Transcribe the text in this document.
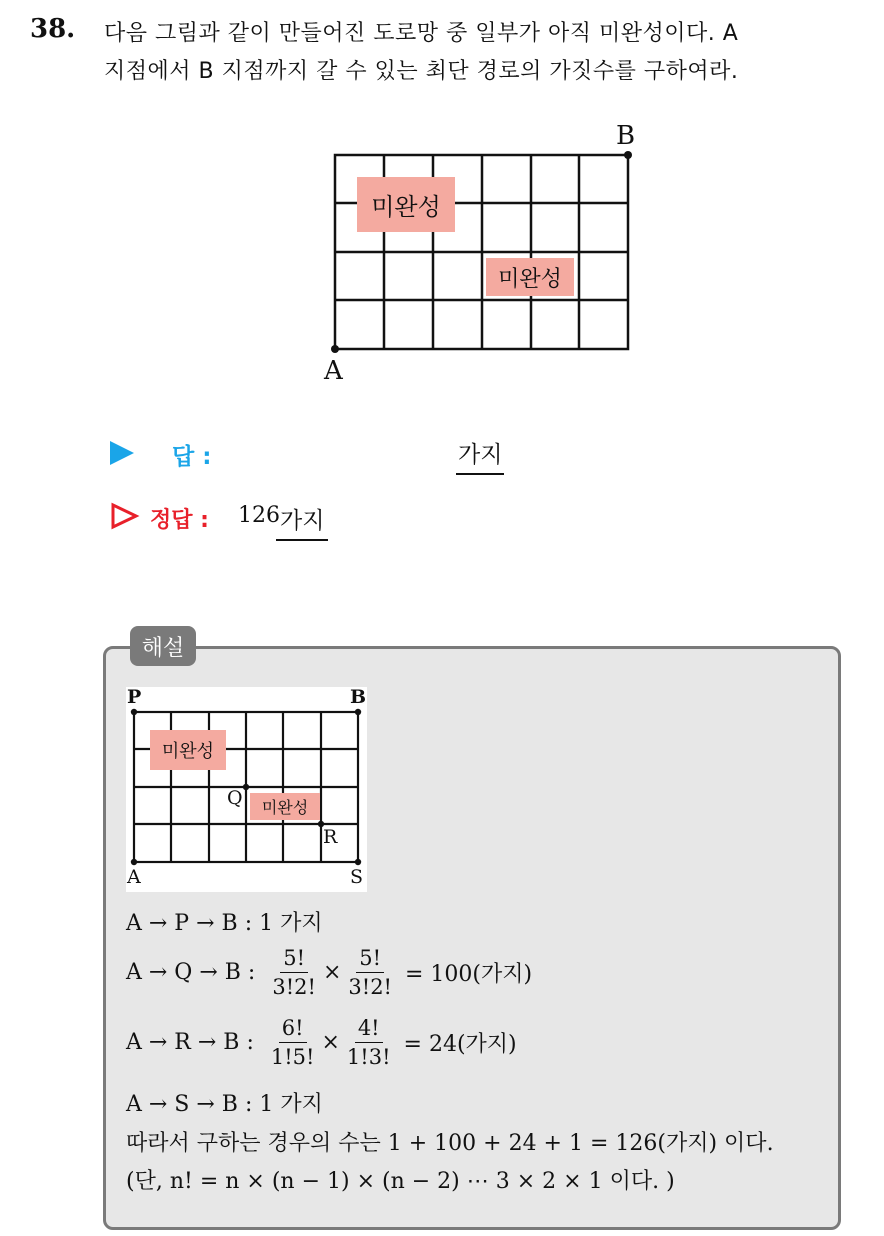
38. 다음 그림과 같이 만들어진 도로망 중 일부가 아직 미완성이다. A
지점에서 B 지점까지 갈 수 있는 최단 경로의 가짓수를 구하여라.
미완성
미완성
A
B
답 :	가지
정답 : 126 가지
해설
미완성
미완성
P	B
Q
R
A	S
A → P → B : 1 가지
A → Q → B : $\frac{5!}{3!2!} \times \frac{5!}{3!2!} = 100$(가지)
A → R → B : $\frac{6!}{1!5!} \times \frac{4!}{1!3!} = 24$(가지)
A → S → B : 1 가지
따라서 구하는 경우의 수는 1 + 100 + 24 + 1 = 126(가지) 이다.
(단, n! = n × (n − 1) × (n − 2) ⋯ 3 × 2 × 1 이다. )
